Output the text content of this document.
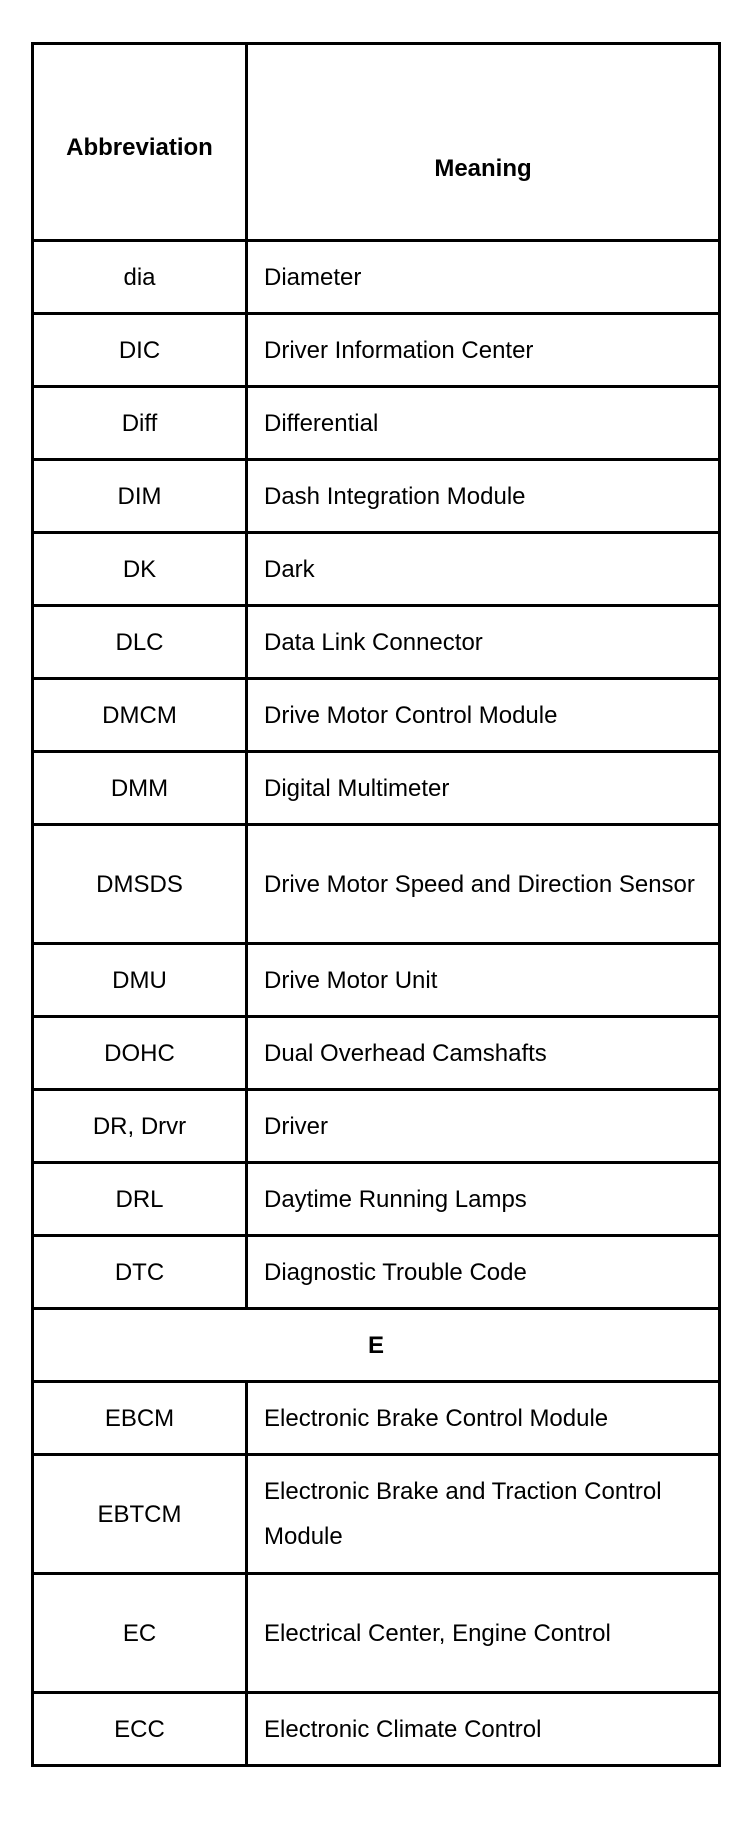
Abbreviation	Meaning
dia	Diameter
DIC	Driver Information Center
Diff	Differential
DIM	Dash Integration Module
DK	Dark
DLC	Data Link Connector
DMCM	Drive Motor Control Module
DMM	Digital Multimeter
DMSDS	Drive Motor Speed and Direction Sensor
DMU	Drive Motor Unit
DOHC	Dual Overhead Camshafts
DR, Drvr	Driver
DRL	Daytime Running Lamps
DTC	Diagnostic Trouble Code
E	
EBCM	Electronic Brake Control Module
EBTCM	Electronic Brake and Traction Control Module
EC	Electrical Center, Engine Control
ECC	Electronic Climate Control
